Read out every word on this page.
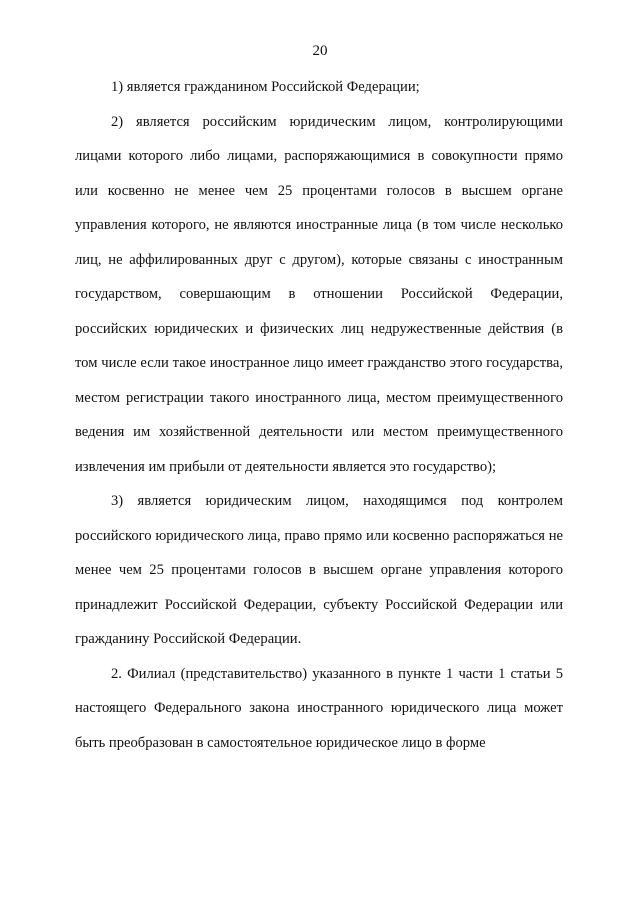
20

1) является гражданином Российской Федерации;

2) является российским юридическим лицом, контролирующими лицами которого либо лицами, распоряжающимися в совокупности прямо или косвенно не менее чем 25 процентами голосов в высшем органе управления которого, не являются иностранные лица (в том числе несколько лиц, не аффилированных друг с другом), которые связаны с иностранным государством, совершающим в отношении Российской Федерации, российских юридических и физических лиц недружественные действия (в том числе если такое иностранное лицо имеет гражданство этого государства, местом регистрации такого иностранного лица, местом преимущественного ведения им хозяйственной деятельности или местом преимущественного извлечения им прибыли от деятельности является это государство);

3) является юридическим лицом, находящимся под контролем российского юридического лица, право прямо или косвенно распоряжаться не менее чем 25 процентами голосов в высшем органе управления которого принадлежит Российской Федерации, субъекту Российской Федерации или гражданину Российской Федерации.

2. Филиал (представительство) указанного в пункте 1 части 1 статьи 5 настоящего Федерального закона иностранного юридического лица может быть преобразован в самостоятельное юридическое лицо в форме
